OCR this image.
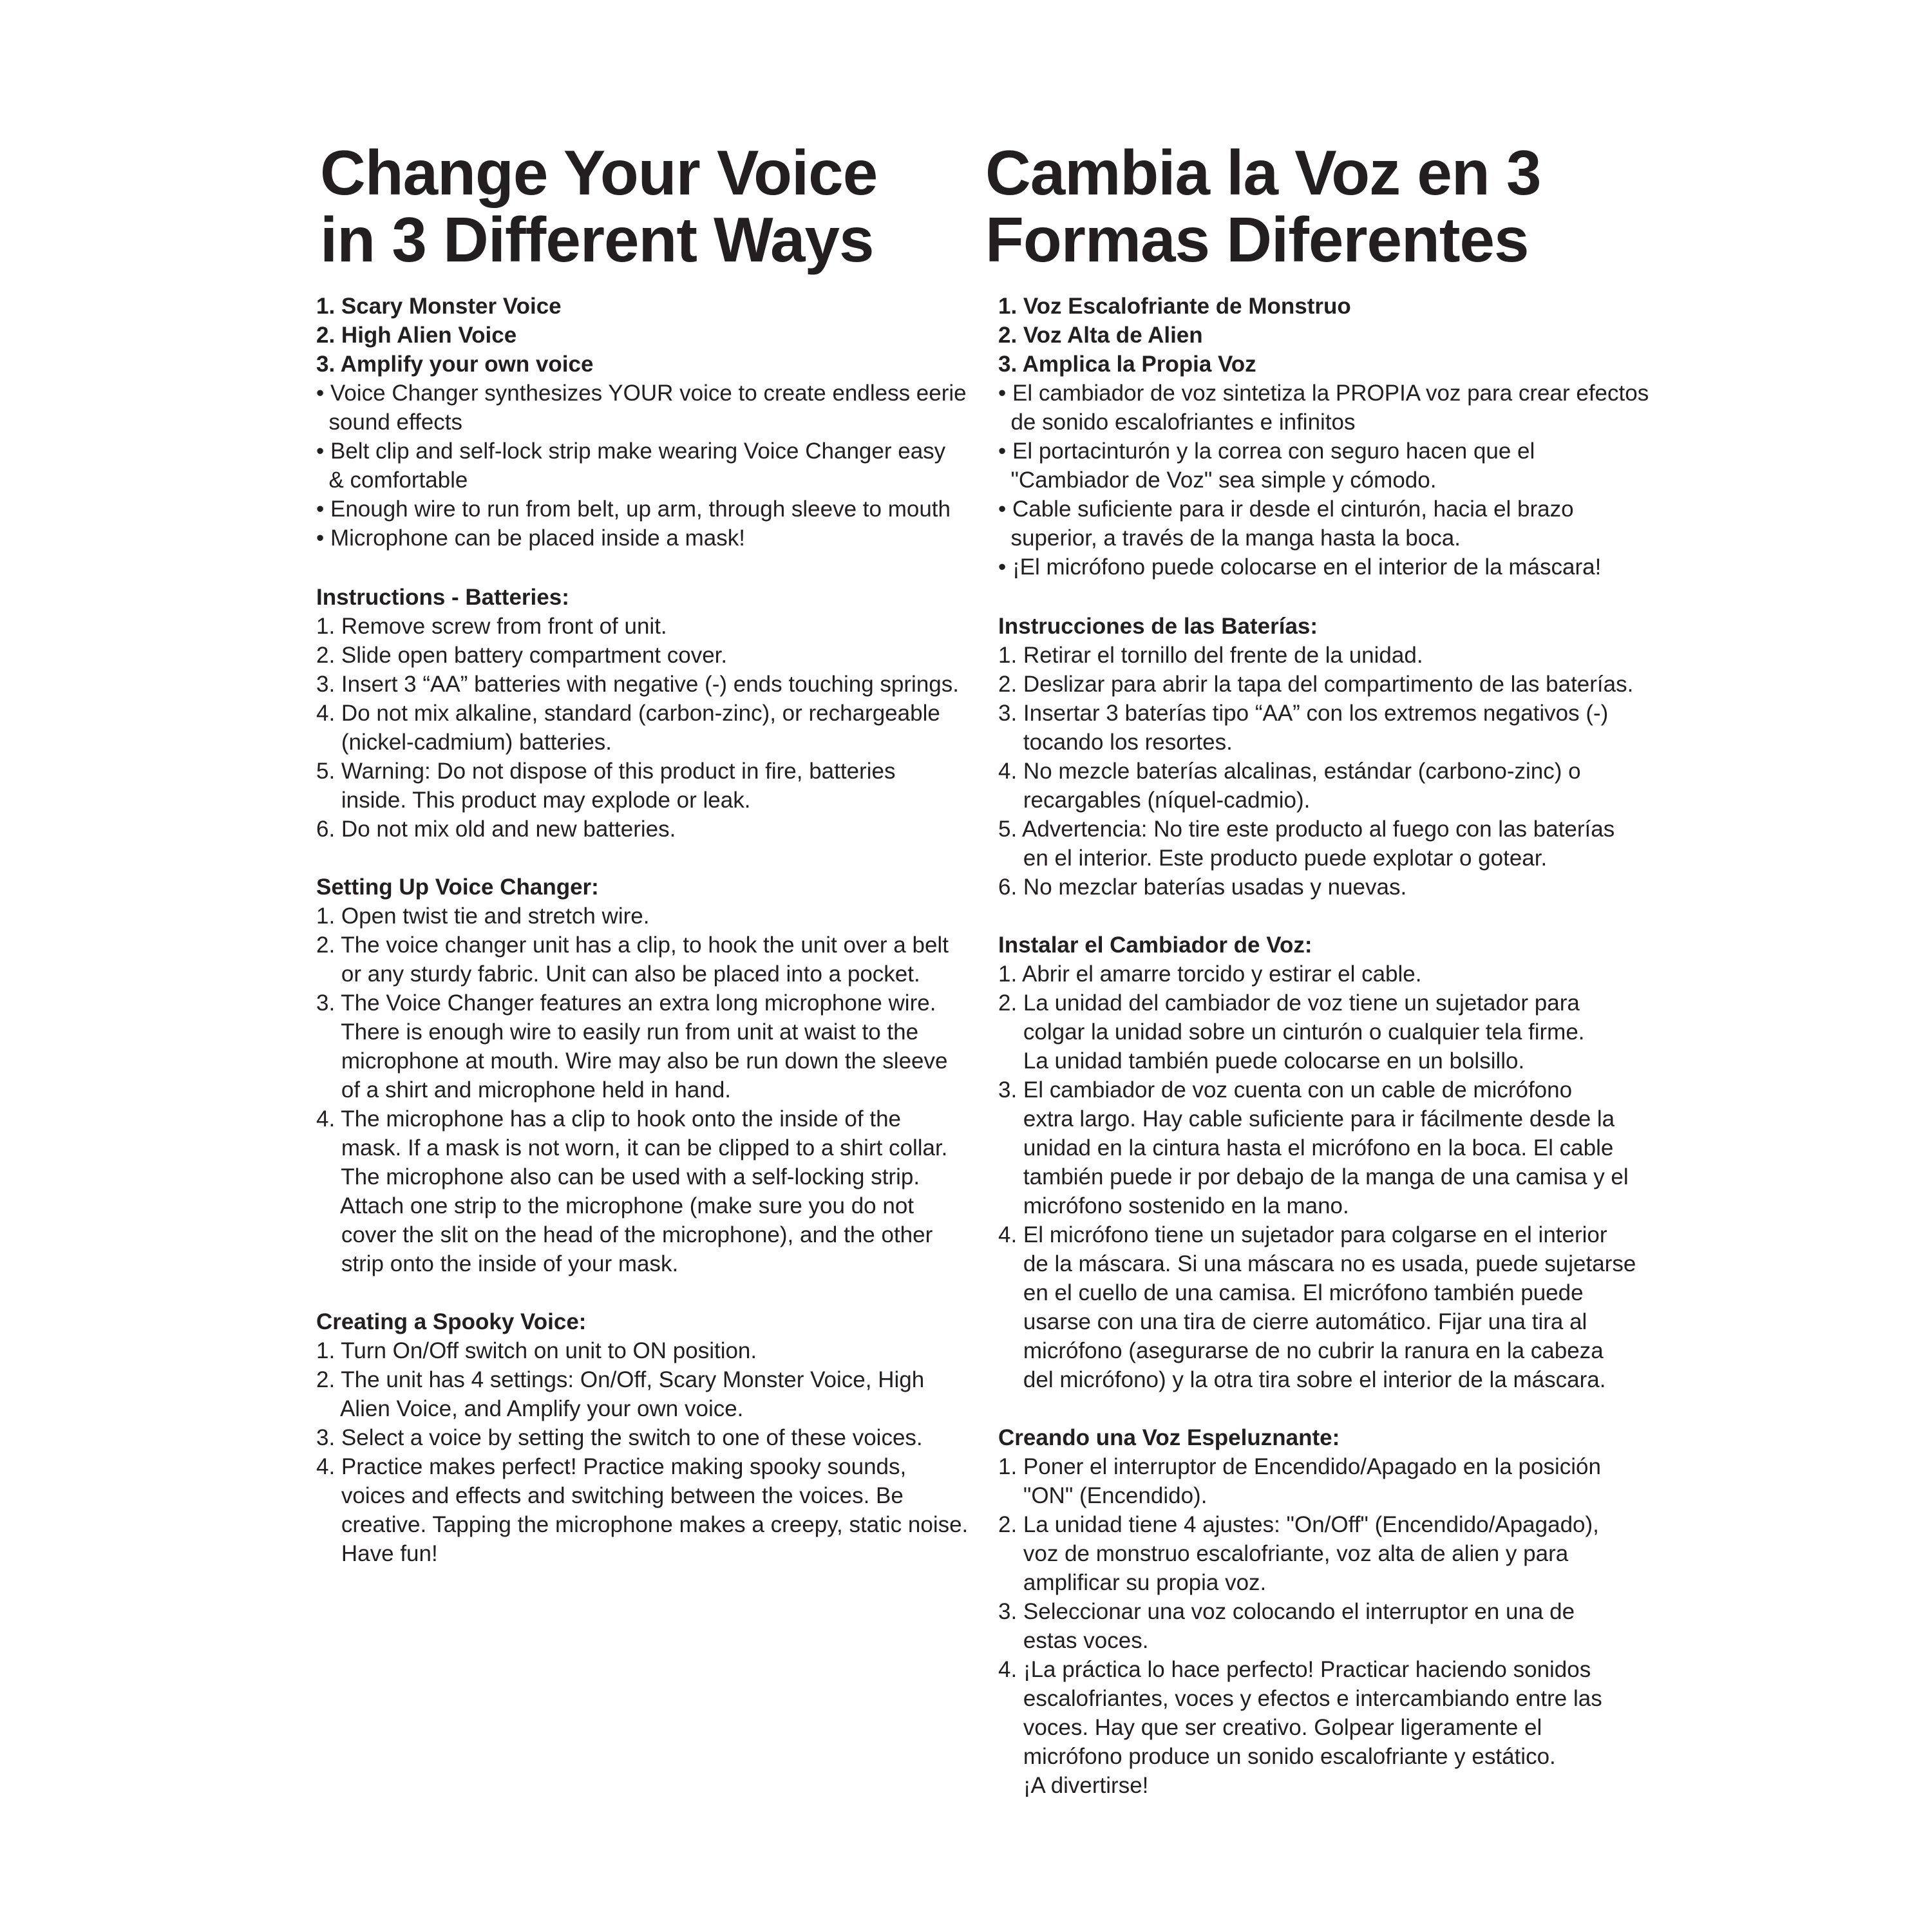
Change Your Voice
in 3 Different Ways
1. Scary Monster Voice
2. High Alien Voice
3. Amplify your own voice
• Voice Changer synthesizes YOUR voice to create endless eerie
sound effects
• Belt clip and self-lock strip make wearing Voice Changer easy
& comfortable
• Enough wire to run from belt, up arm, through sleeve to mouth
• Microphone can be placed inside a mask!
Instructions - Batteries:
1. Remove screw from front of unit.
2. Slide open battery compartment cover.
3. Insert 3 “AA” batteries with negative (-) ends touching springs.
4. Do not mix alkaline, standard (carbon-zinc), or rechargeable
(nickel-cadmium) batteries.
5. Warning: Do not dispose of this product in fire, batteries
inside. This product may explode or leak.
6. Do not mix old and new batteries.
Setting Up Voice Changer:
1. Open twist tie and stretch wire.
2. The voice changer unit has a clip, to hook the unit over a belt
or any sturdy fabric. Unit can also be placed into a pocket.
3. The Voice Changer features an extra long microphone wire.
There is enough wire to easily run from unit at waist to the
microphone at mouth. Wire may also be run down the sleeve
of a shirt and microphone held in hand.
4. The microphone has a clip to hook onto the inside of the
mask. If a mask is not worn, it can be clipped to a shirt collar.
The microphone also can be used with a self-locking strip.
Attach one strip to the microphone (make sure you do not
cover the slit on the head of the microphone), and the other
strip onto the inside of your mask.
Creating a Spooky Voice:
1. Turn On/Off switch on unit to ON position.
2. The unit has 4 settings: On/Off, Scary Monster Voice, High
Alien Voice, and Amplify your own voice.
3. Select a voice by setting the switch to one of these voices.
4. Practice makes perfect! Practice making spooky sounds,
voices and effects and switching between the voices. Be
creative. Tapping the microphone makes a creepy, static noise.
Have fun!
Cambia la Voz en 3
Formas Diferentes
1. Voz Escalofriante de Monstruo
2. Voz Alta de Alien
3. Amplica la Propia Voz
• El cambiador de voz sintetiza la PROPIA voz para crear efectos
de sonido escalofriantes e infinitos
• El portacinturón y la correa con seguro hacen que el
"Cambiador de Voz" sea simple y cómodo.
• Cable suficiente para ir desde el cinturón, hacia el brazo
superior, a través de la manga hasta la boca.
• ¡El micrófono puede colocarse en el interior de la máscara!
Instrucciones de las Baterías:
1. Retirar el tornillo del frente de la unidad.
2. Deslizar para abrir la tapa del compartimento de las baterías.
3. Insertar 3 baterías tipo “AA” con los extremos negativos (-)
tocando los resortes.
4. No mezcle baterías alcalinas, estándar (carbono-zinc) o
recargables (níquel-cadmio).
5. Advertencia: No tire este producto al fuego con las baterías
en el interior. Este producto puede explotar o gotear.
6. No mezclar baterías usadas y nuevas.
Instalar el Cambiador de Voz:
1. Abrir el amarre torcido y estirar el cable.
2. La unidad del cambiador de voz tiene un sujetador para
colgar la unidad sobre un cinturón o cualquier tela firme.
La unidad también puede colocarse en un bolsillo.
3. El cambiador de voz cuenta con un cable de micrófono
extra largo. Hay cable suficiente para ir fácilmente desde la
unidad en la cintura hasta el micrófono en la boca. El cable
también puede ir por debajo de la manga de una camisa y el
micrófono sostenido en la mano.
4. El micrófono tiene un sujetador para colgarse en el interior
de la máscara. Si una máscara no es usada, puede sujetarse
en el cuello de una camisa. El micrófono también puede
usarse con una tira de cierre automático. Fijar una tira al
micrófono (asegurarse de no cubrir la ranura en la cabeza
del micrófono) y la otra tira sobre el interior de la máscara.
Creando una Voz Espeluznante:
1. Poner el interruptor de Encendido/Apagado en la posición
"ON" (Encendido).
2. La unidad tiene 4 ajustes: "On/Off" (Encendido/Apagado),
voz de monstruo escalofriante, voz alta de alien y para
amplificar su propia voz.
3. Seleccionar una voz colocando el interruptor en una de
estas voces.
4. ¡La práctica lo hace perfecto! Practicar haciendo sonidos
escalofriantes, voces y efectos e intercambiando entre las
voces. Hay que ser creativo. Golpear ligeramente el
micrófono produce un sonido escalofriante y estático.
¡A divertirse!
